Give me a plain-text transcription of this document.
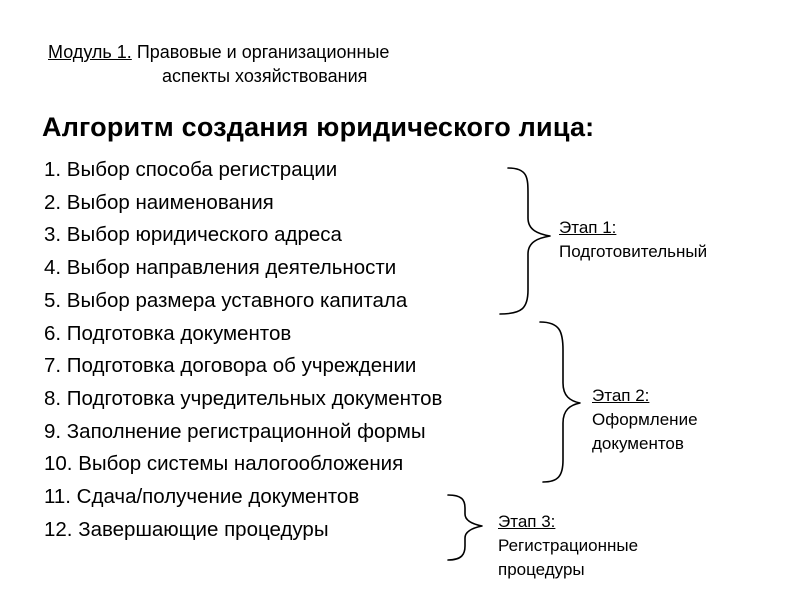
Модуль 1. Правовые и организационные
аспекты хозяйствования
Алгоритм создания юридического лица:
1. Выбор способа регистрации
2. Выбор наименования
3. Выбор юридического адреса
4. Выбор направления деятельности
5. Выбор размера уставного капитала
6. Подготовка документов
7. Подготовка договора об учреждении
8. Подготовка учредительных документов
9. Заполнение регистрационной формы
10. Выбор системы налогообложения
11. Сдача/получение документов
12. Завершающие процедуры
Этап 1:
Подготовительный
Этап 2:
Оформление
документов
Этап 3:
Регистрационные
процедуры
